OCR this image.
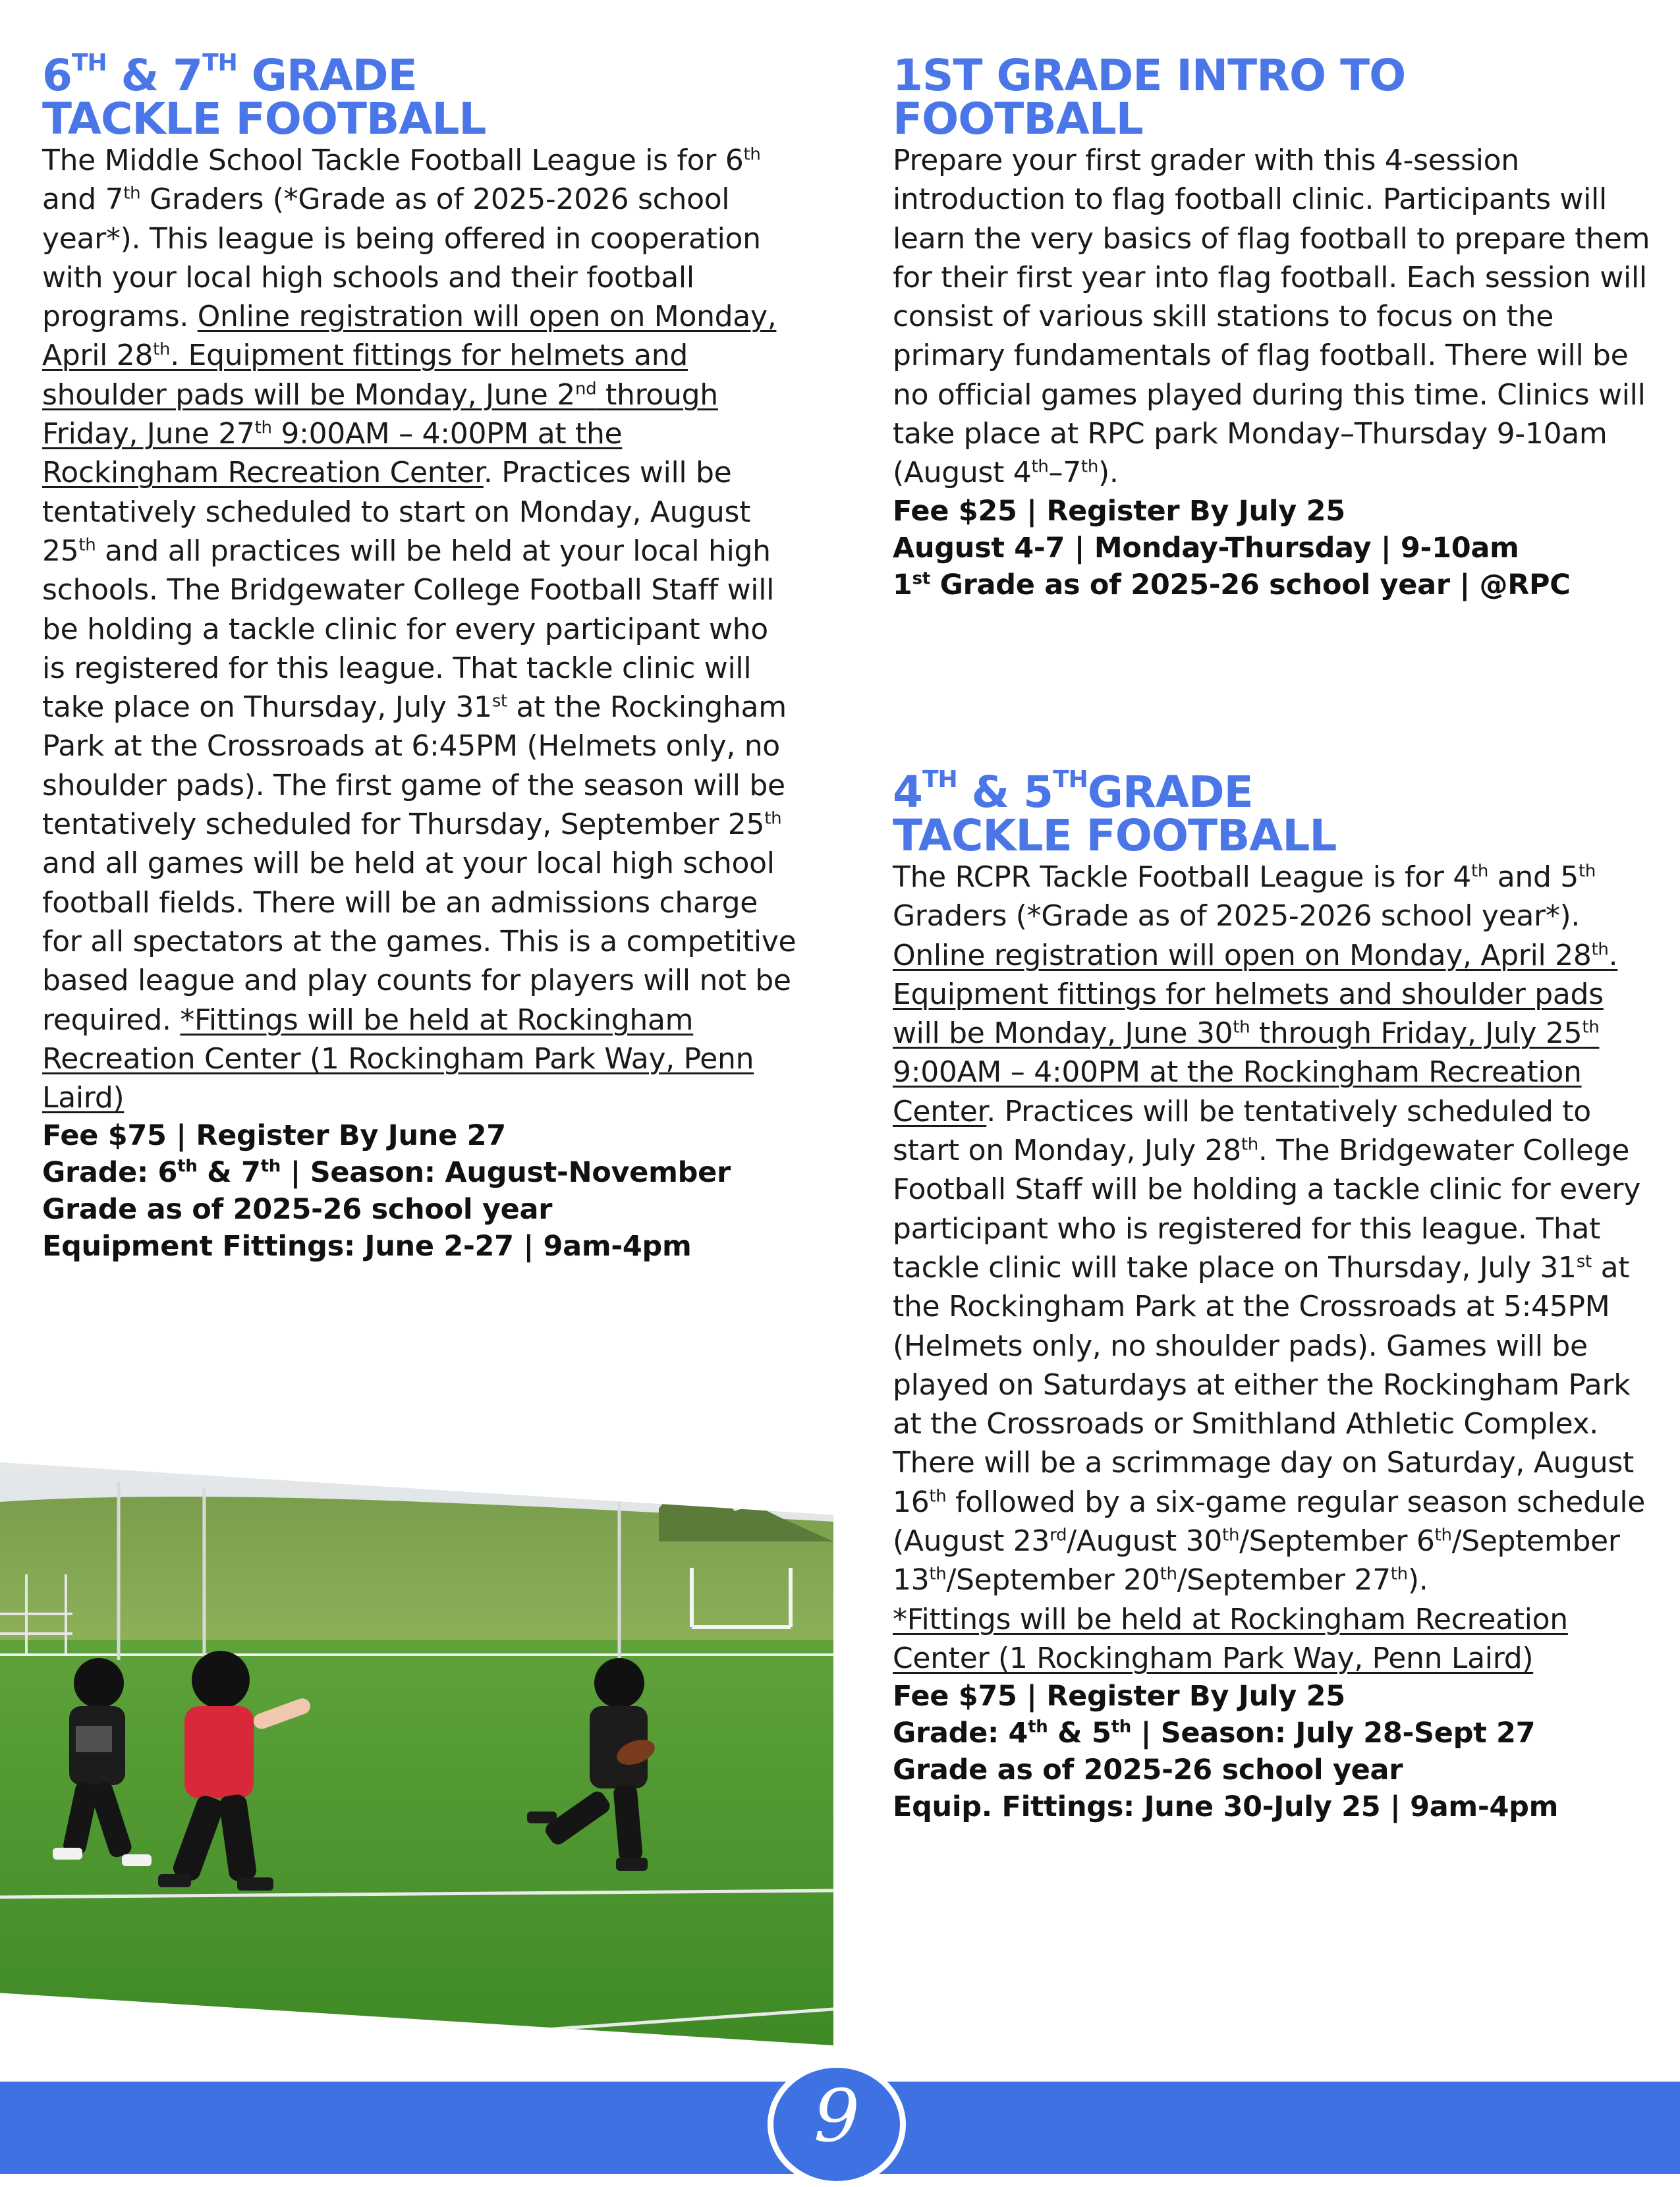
6TH & 7TH GRADE
TACKLE FOOTBALL

The Middle School Tackle Football League is for 6th and 7th Graders (*Grade as of 2025-2026 school year*). This league is being offered in cooperation with your local high schools and their football programs. Online registration will open on Monday, April 28th. Equipment fittings for helmets and shoulder pads will be Monday, June 2nd through Friday, June 27th 9:00AM – 4:00PM at the Rockingham Recreation Center. Practices will be tentatively scheduled to start on Monday, August 25th and all practices will be held at your local high schools. The Bridgewater College Football Staff will be holding a tackle clinic for every participant who is registered for this league. That tackle clinic will take place on Thursday, July 31st at the Rockingham Park at the Crossroads at 6:45PM (Helmets only, no shoulder pads). The first game of the season will be tentatively scheduled for Thursday, September 25th and all games will be held at your local high school football fields. There will be an admissions charge for all spectators at the games. This is a competitive based league and play counts for players will not be required. *Fittings will be held at Rockingham Recreation Center (1 Rockingham Park Way, Penn Laird)

Fee $75 | Register By June 27
Grade: 6th & 7th | Season: August-November
Grade as of 2025-26 school year
Equipment Fittings: June 2-27 | 9am-4pm
1ST GRADE INTRO TO FOOTBALL

Prepare your first grader with this 4-session introduction to flag football clinic. Participants will learn the very basics of flag football to prepare them for their first year into flag football. Each session will consist of various skill stations to focus on the primary fundamentals of flag football. There will be no official games played during this time. Clinics will take place at RPC park Monday–Thursday 9-10am (August 4th–7th).

Fee $25 | Register By July 25
August 4-7 | Monday-Thursday | 9-10am
1st Grade as of 2025-26 school year | @RPC
4TH & 5THGRADE
TACKLE FOOTBALL

The RCPR Tackle Football League is for 4th and 5th Graders (*Grade as of 2025-2026 school year*). Online registration will open on Monday, April 28th. Equipment fittings for helmets and shoulder pads will be Monday, June 30th through Friday, July 25th 9:00AM – 4:00PM at the Rockingham Recreation Center. Practices will be tentatively scheduled to start on Monday, July 28th. The Bridgewater College Football Staff will be holding a tackle clinic for every participant who is registered for this league. That tackle clinic will take place on Thursday, July 31st at the Rockingham Park at the Crossroads at 5:45PM (Helmets only, no shoulder pads). Games will be played on Saturdays at either the Rockingham Park at the Crossroads or Smithland Athletic Complex. There will be a scrimmage day on Saturday, August 16th followed by a six-game regular season schedule (August 23rd/August 30th/September 6th/September 13th/September 20th/September 27th).
*Fittings will be held at Rockingham Recreation Center (1 Rockingham Park Way, Penn Laird)

Fee $75 | Register By July 25
Grade: 4th & 5th | Season: July 28-Sept 27
Grade as of 2025-26 school year
Equip. Fittings: June 30-July 25 | 9am-4pm
9
